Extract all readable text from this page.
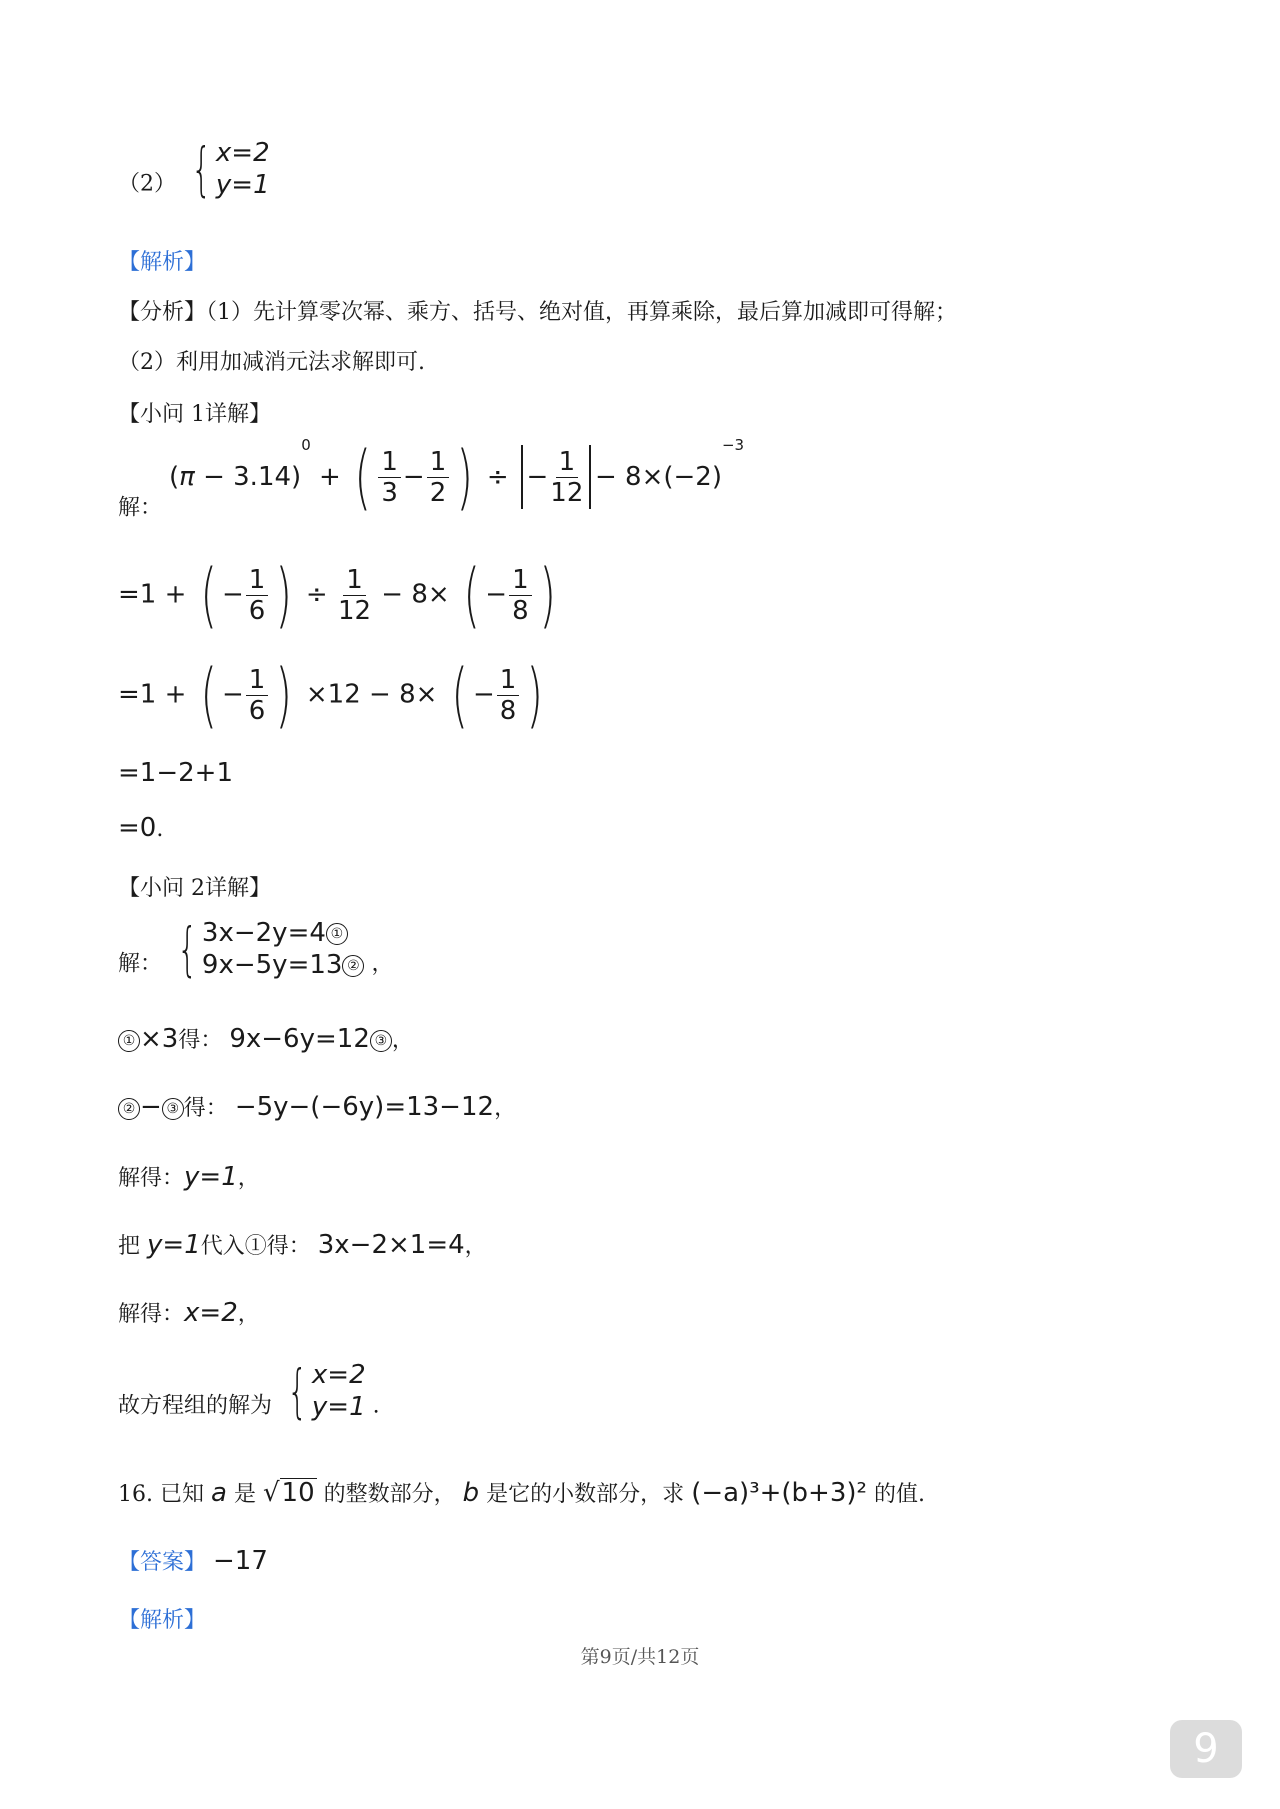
（2） { x=2
y=1
【解析】
【分析】（1）先计算零次幂、乘方、括号、绝对值，再算乘除，最后算加减即可得解；
（2）利用加减消元法求解即可.
【小问 1详解】
解： $(\pi - 3.14)^0$ + ( $\frac{1}{3} - \frac{1}{2}$ ) ÷ − $\frac{1}{12} - 8\times(-2)^{-3}$
=1 + ( − $\frac{1}{6}$ ) ÷ $\frac{1}{12} - 8\times$ ( − $\frac{1}{8}$ )
=1 + ( − $\frac{1}{6}$ ) ×12 − 8× ( − $\frac{1}{8}$ )
=1−2+1
=0.
【小问 2详解】
解： { 3x−2y=4 ①
9x−5y=13 ② ，
① ×3得： 9x−6y=12 ③ ，
② − ③ 得： −5y−(−6y)=13−12，
解得：y=1，
把 y=1代入①得： 3x−2×1=4，
解得：x=2，
故方程组的解为 { x=2
y=1 .
16. 已知 a 是 √ 10 的整数部分， b 是它的小数部分，求 (−a)³+(b+3)² 的值.
【答案】 −17
【解析】
第9页/共12页
9
